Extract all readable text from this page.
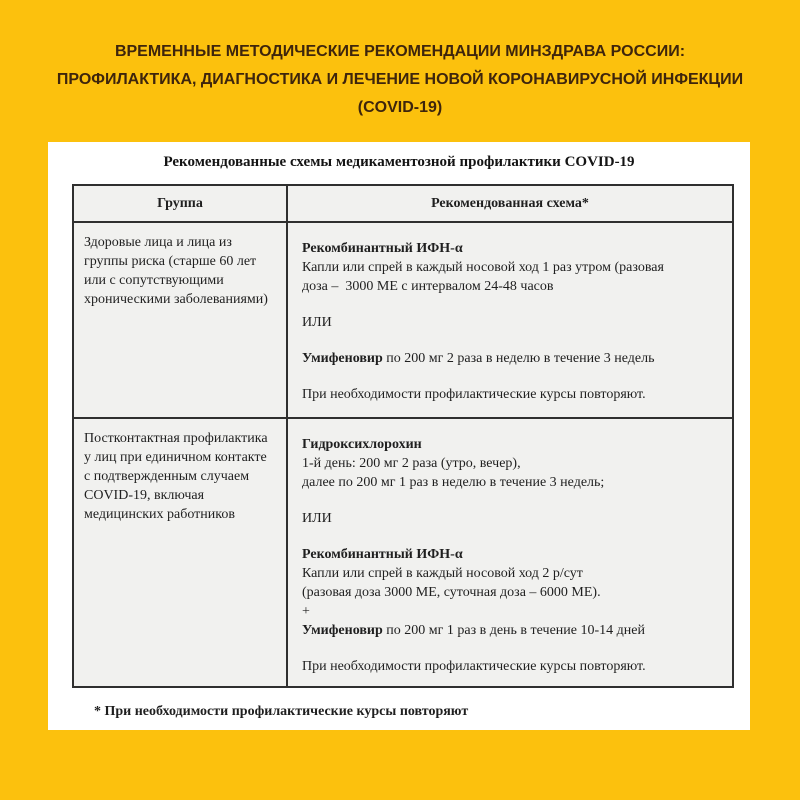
ВРЕМЕННЫЕ МЕТОДИЧЕСКИЕ РЕКОМЕНДАЦИИ МИНЗДРАВА РОССИИ:
ПРОФИЛАКТИКА, ДИАГНОСТИКА И ЛЕЧЕНИЕ НОВОЙ КОРОНАВИРУСНОЙ ИНФЕКЦИИ
(COVID-19)
Рекомендованные схемы медикаментозной профилактики COVID-19
Группа	Рекомендованная схема*
Здоровые лица и лица из группы риска (старше 60 лет или с сопутствующими хроническими заболеваниями)

Рекомбинантный ИФН-α

Капли или спрей в каждый носовой ход 1 раз утром (разовая

доза –  3000 МЕ с интервалом 24-48 часов

ИЛИ

Умифеновир по 200 мг 2 раза в неделю в течение 3 недель

При необходимости профилактические курсы повторяют.

Постконтактная профилактика у лиц при единичном контакте с подтвержденным случаем COVID-19, включая медицинских работников

Гидроксихлорохин

1-й день: 200 мг 2 раза (утро, вечер),

далее по 200 мг 1 раз в неделю в течение 3 недель;

ИЛИ

Рекомбинантный ИФН-α

Капли или спрей в каждый носовой ход 2 р/сут

(разовая доза 3000 МЕ, суточная доза – 6000 МЕ).

+

Умифеновир по 200 мг 1 раз в день в течение 10-14 дней

При необходимости профилактические курсы повторяют.

* При необходимости профилактические курсы повторяют
